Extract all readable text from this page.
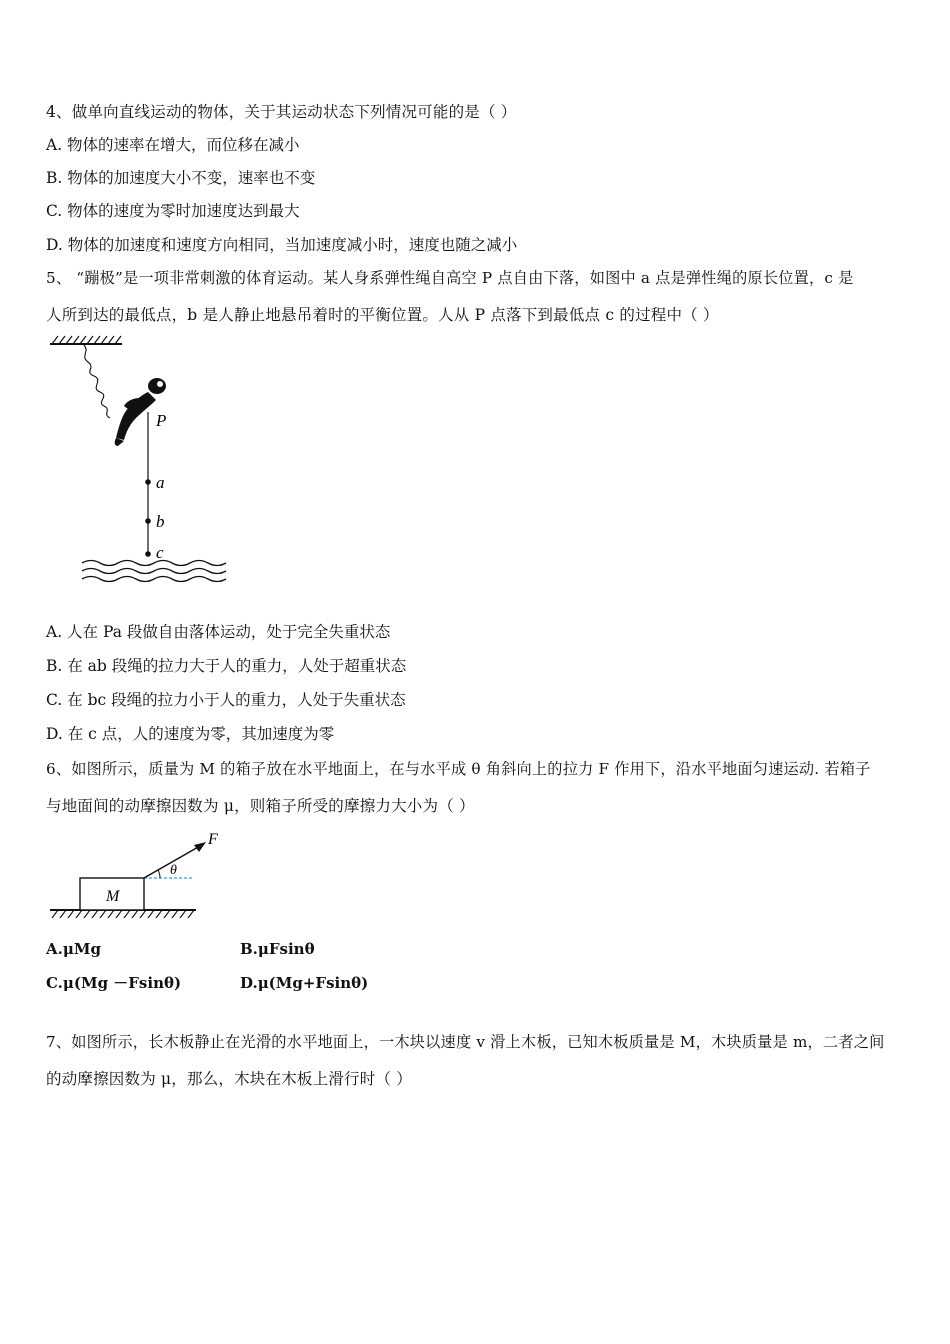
4、做单向直线运动的物体，关于其运动状态下列情况可能的是（ ）
A. 物体的速率在增大，而位移在减小
B. 物体的加速度大小不变，速率也不变
C. 物体的速度为零时加速度达到最大
D. 物体的加速度和速度方向相同，当加速度减小时，速度也随之减小
5、 “蹦极”是一项非常刺激的体育运动。某人身系弹性绳自高空 P 点自由下落，如图中 a 点是弹性绳的原长位置，c 是
人所到达的最低点，b 是人静止地悬吊着时的平衡位置。人从 P 点落下到最低点 c 的过程中（ ）
P
a
b
c
A. 人在 Pa 段做自由落体运动，处于完全失重状态
B. 在 ab 段绳的拉力大于人的重力，人处于超重状态
C. 在 bc 段绳的拉力小于人的重力，人处于失重状态
D. 在 c 点，人的速度为零，其加速度为零
6、如图所示，质量为 M 的箱子放在水平地面上，在与水平成 θ 角斜向上的拉力 F 作用下，沿水平地面匀速运动. 若箱子
与地面间的动摩擦因数为 μ，则箱子所受的摩擦力大小为（ ）
M
θ
F
A.μMg	B.μFsinθ
C.μ(Mg －Fsinθ)	D.μ(Mg+Fsinθ)
7、如图所示，长木板静止在光滑的水平地面上，一木块以速度 v 滑上木板，已知木板质量是 M，木块质量是 m，二者之间
的动摩擦因数为 μ，那么，木块在木板上滑行时（ ）
